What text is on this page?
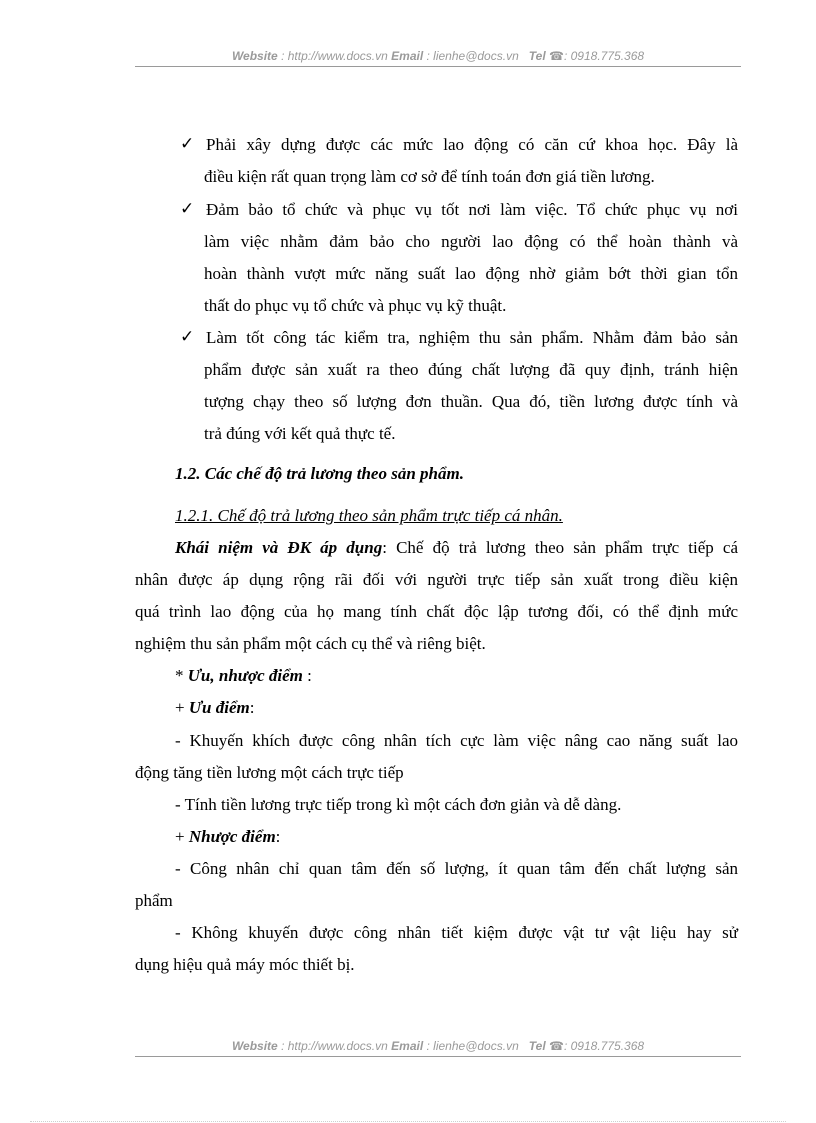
Website : http://www.docs.vn Email : lienhe@docs.vn Tel ☎: 0918.775.368
✓ Phải xây dựng được các mức lao động có căn cứ khoa học. Đây là
điều kiện rất quan trọng làm cơ sở để tính toán đơn giá tiền lương.
✓ Đảm bảo tổ chức và phục vụ tốt nơi làm việc. Tổ chức phục vụ nơi
làm việc nhằm đảm bảo cho người lao động có thể hoàn thành và
hoàn thành vượt mức năng suất lao động nhờ giảm bớt thời gian tổn
thất do phục vụ tổ chức và phục vụ kỹ thuật.
✓ Làm tốt công tác kiểm tra, nghiệm thu sản phẩm. Nhằm đảm bảo sản
phẩm được sản xuất ra theo đúng chất lượng đã quy định, tránh hiện
tượng chạy theo số lượng đơn thuần. Qua đó, tiền lương được tính và
trả đúng với kết quả thực tế.
1.2. Các chế độ trả lương theo sản phẩm.
1.2.1. Chế độ trả lương theo sản phẩm trực tiếp cá nhân.
Khái niệm và ĐK áp dụng: Chế độ trả lương theo sản phẩm trực tiếp cá
nhân được áp dụng rộng rãi đối với người trực tiếp sản xuất trong điều kiện
quá trình lao động của họ mang tính chất độc lập tương đối, có thể định mức
nghiệm thu sản phẩm một cách cụ thể và riêng biệt.
* Ưu, nhược điểm :
+ Ưu điểm:
- Khuyến khích được công nhân tích cực làm việc nâng cao năng suất lao
động tăng tiền lương một cách trực tiếp
- Tính tiền lương trực tiếp trong kì một cách đơn giản và dễ dàng.
+ Nhược điểm:
- Công nhân chỉ quan tâm đến số lượng, ít quan tâm đến chất lượng sản
phẩm
- Không khuyến được công nhân tiết kiệm được vật tư vật liệu hay sử
dụng hiệu quả máy móc thiết bị.
Website : http://www.docs.vn Email : lienhe@docs.vn Tel ☎: 0918.775.368
